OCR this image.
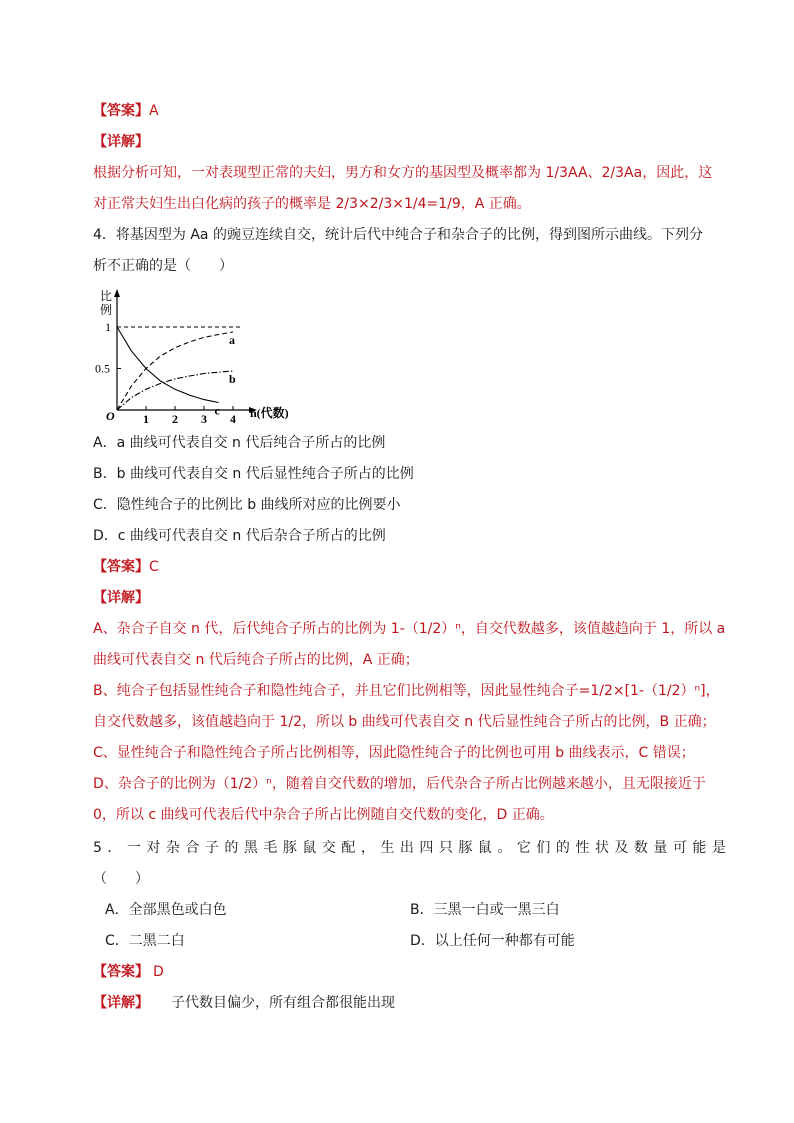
【答案】A
【详解】
根据分析可知，一对表现型正常的夫妇，男方和女方的基因型及概率都为 1/3AA、2/3Aa，因此，这
对正常夫妇生出白化病的孩子的概率是 2/3×2/3×1/4=1/9，A 正确。
4．将基因型为 Aa 的豌豆连续自交，统计后代中纯合子和杂合子的比例，得到图所示曲线。下列分
析不正确的是（　　）
比
例
O	n(代数)
1 2 3 4
0.5
1
a
b
c
A．a 曲线可代表自交 n 代后纯合子所占的比例
B．b 曲线可代表自交 n 代后显性纯合子所占的比例
C．隐性纯合子的比例比 b 曲线所对应的比例要小
D．c 曲线可代表自交 n 代后杂合子所占的比例
【答案】C
【详解】
A、杂合子自交 n 代，后代纯合子所占的比例为 1-（1/2）ⁿ，自交代数越多，该值越趋向于 1，所以 a
曲线可代表自交 n 代后纯合子所占的比例，A 正确；
B、纯合子包括显性纯合子和隐性纯合子，并且它们比例相等，因此显性纯合子=1/2×[1-（1/2）ⁿ]，
自交代数越多，该值越趋向于 1/2，所以 b 曲线可代表自交 n 代后显性纯合子所占的比例，B 正确；
C、显性纯合子和隐性纯合子所占比例相等，因此隐性纯合子的比例也可用 b 曲线表示，C 错误；
D、杂合子的比例为（1/2）ⁿ，随着自交代数的增加，后代杂合子所占比例越来越小，且无限接近于
0，所以 c 曲线可代表后代中杂合子所占比例随自交代数的变化，D 正确。
5．一对杂合子的黑毛豚鼠交配，生出四只豚鼠。它们的性状及数量可能是
（　　）
A．全部黑色或白色	B．三黑一白或一黑三白
C．二黑二白	D．以上任何一种都有可能
【答案】 D
【详解】 子代数目偏少，所有组合都很能出现
